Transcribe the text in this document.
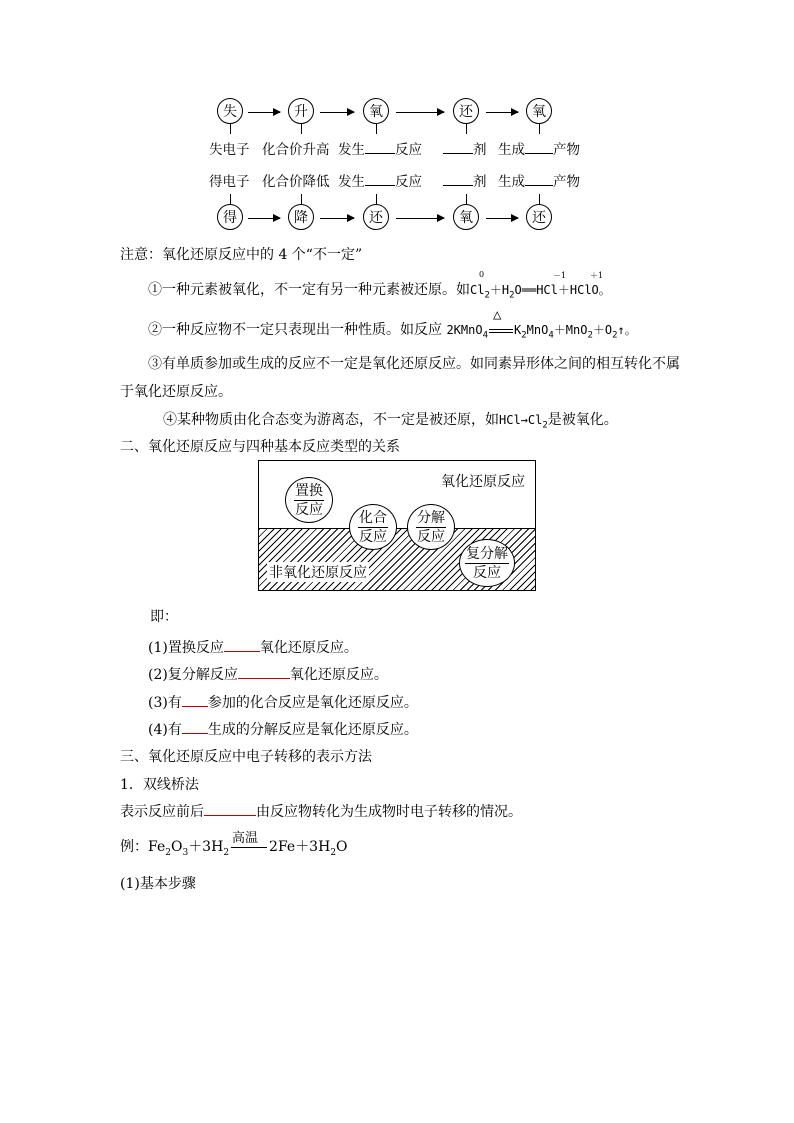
失	升	氧	还	氧
失电子 化合价升高 发生 反应	剂 生成 产物
得电子 化合价降低 发生 反应	剂 生成 产物
得	降	还	氧	还
注意：氧化还原反应中的 4 个“不一定”
①一种元素被氧化，不一定有另一种元素被还原。如$Cl_2+H_2O══HCl+HClO$。
0	－1	＋1
②一种反应物不一定只表现出一种性质。如反应 2KMnO$_4$
△
$K_2MnO_4+MnO_2+O_2↑$。
③有单质参加或生成的反应不一定是氧化还原反应。如同素异形体之间的相互转化不属
于氧化还原反应。
④某种物质由化合态变为游离态，不一定是被还原，如$HCl\to Cl_2$是被氧化。
二、氧化还原反应与四种基本反应类型的关系
氧化还原反应
非氧化还原反应
置换
反应	化合
反应
分解
反应
复分解
反应
即：
(1)置换反应	氧化还原反应。
(2)复分解反应	氧化还原反应。
(3)有 参加的化合反应是氧化还原反应。
(4)有 生成的分解反应是氧化还原反应。
三、氧化还原反应中电子转移的表示方法
1．双线桥法
表示反应前后	由反应物转化为生成物时电子转移的情况。
例：$Fe_2O_3+3H_2$
高温
$2Fe+3H_2O$
(1)基本步骤
